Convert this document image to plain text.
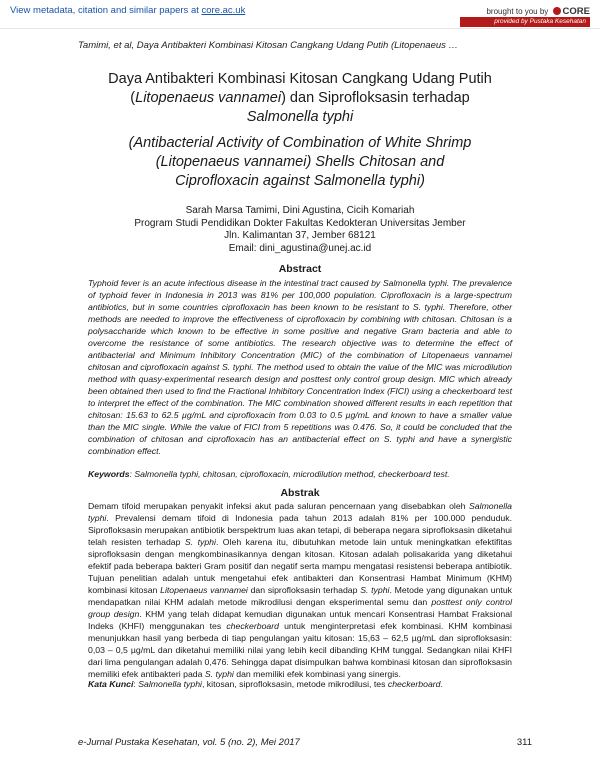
View metadata, citation and similar papers at core.ac.uk	brought to you by CORE
provided by Pustaka Kesehatan
Tamimi, et al, Daya Antibakteri Kombinasi Kitosan Cangkang Udang Putih (Litopenaeus …
Daya Antibakteri Kombinasi Kitosan Cangkang Udang Putih
(Litopenaeus vannamei) dan Siprofloksasin terhadap
Salmonella typhi
(Antibacterial Activity of Combination of White Shrimp
(Litopenaeus vannamei) Shells Chitosan and
Ciprofloxacin against Salmonella typhi)
Sarah Marsa Tamimi, Dini Agustina, Cicih Komariah
Program Studi Pendidikan Dokter Fakultas Kedokteran Universitas Jember
Jln. Kalimantan 37, Jember 68121
Email: dini_agustina@unej.ac.id
Abstract
Typhoid fever is an acute infectious disease in the intestinal tract caused by Salmonella typhi. The prevalence of typhoid fever in Indonesia in 2013 was 81% per 100,000 population. Ciprofloxacin is a large-spectrum antibiotics, but in some countries ciprofloxacin has been known to be resistant to S. typhi. Therefore, other methods are needed to improve the effectiveness of ciprofloxacin by combining with chitosan. Chitosan is a polysaccharide which known to be effective in some positive and negative Gram bacteria and able to overcome the resistance of some antibiotics. The research objective was to determine the effect of antibacterial and Minimum Inhibitory Concentration (MIC) of the combination of Litopenaeus vannamei chitosan and ciprofloxacin against S. typhi. The method used to obtain the value of the MIC was microdilution method with quasy-experimental research design and posttest only control group design. MIC which already been obtained then used to find the Fractional Inhibitory Concentration Index (FICI) using a checkerboard test to interpret the effect of the combination. The MIC combination showed different results in each repetition that chitosan: 15.63 to 62.5 µg/mL and ciprofloxacin from 0.03 to 0.5 µg/mL and known to have a smaller value than the MIC single. While the value of FICI from 5 repetitions was 0.476. So, it could be concluded that the combination of chitosan and ciprofloxacin has an antibacterial effect on S. typhi and have a synergistic combination effect.
Keywords: Salmonella typhi, chitosan, ciprofloxacin, microdilution method, checkerboard test.
Abstrak
Demam tifoid merupakan penyakit infeksi akut pada saluran pencernaan yang disebabkan oleh Salmonella typhi. Prevalensi demam tifoid di Indonesia pada tahun 2013 adalah 81% per 100.000 penduduk. Siprofloksasin merupakan antibiotik berspektrum luas akan tetapi, di beberapa negara siprofloksasin diketahui telah resisten terhadap S. typhi. Oleh karena itu, dibutuhkan metode lain untuk meningkatkan efektifitas siprofloksasin dengan mengkombinasikannya dengan kitosan. Kitosan adalah polisakarida yang diketahui efektif pada beberapa bakteri Gram positif dan negatif serta mampu mengatasi resistensi beberapa antibiotik. Tujuan penelitian adalah untuk mengetahui efek antibakteri dan Konsentrasi Hambat Minimum (KHM) kombinasi kitosan Litopenaeus vannamei dan siprofloksasin terhadap S. typhi. Metode yang digunakan untuk mendapatkan nilai KHM adalah metode mikrodilusi dengan eksperimental semu dan posttest only control group design. KHM yang telah didapat kemudian digunakan untuk mencari Konsentrasi Hambat Fraksional Indeks (KHFI) menggunakan tes checkerboard untuk menginterpretasi efek kombinasi. KHM kombinasi menunjukkan hasil yang berbeda di tiap pengulangan yaitu kitosan: 15,63 – 62,5 µg/mL dan siprofloksasin: 0,03 – 0,5 µg/mL dan diketahui memiliki nilai yang lebih kecil dibanding KHM tunggal. Sedangkan nilai KHFI dari lima pengulangan adalah 0,476. Sehingga dapat disimpulkan bahwa kombinasi kitosan dan siprofloksasin memiliki efek antibakteri pada S. typhi dan memiliki efek kombinasi yang sinergis.
Kata Kunci: Salmonella typhi, kitosan, siprofloksasin, metode mikrodilusi, tes checkerboard.
e-Jurnal Pustaka Kesehatan, vol. 5 (no. 2), Mei 2017	311
